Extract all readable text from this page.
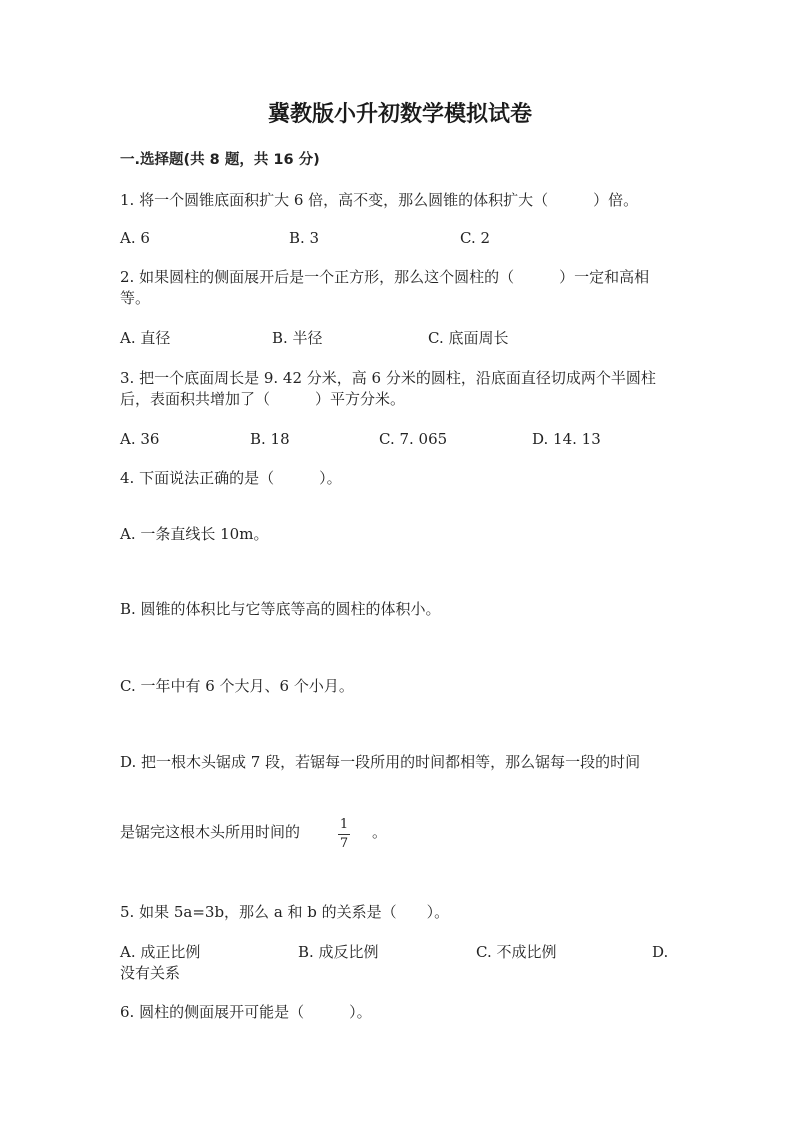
冀教版小升初数学模拟试卷
一.选择题(共 8 题，共 16 分)
1. 将一个圆锥底面积扩大 6 倍，高不变，那么圆锥的体积扩大（　　　）倍。
A. 6	B. 3	C. 2
2. 如果圆柱的侧面展开后是一个正方形，那么这个圆柱的（　　　）一定和高相
等。
A. 直径	B. 半径	C. 底面周长
3. 把一个底面周长是 9. 42 分米，高 6 分米的圆柱，沿底面直径切成两个半圆柱
后，表面积共增加了（　　　）平方分米。
A. 36	B. 18	C. 7. 065	D. 14. 13
4. 下面说法正确的是（　　　）。
A. 一条直线长 10m。
B. 圆锥的体积比与它等底等高的圆柱的体积小。
C. 一年中有 6 个大月、6 个小月。
D. 把一根木头锯成 7 段，若锯每一段所用的时间都相等，那么锯每一段的时间
是锯完这根木头所用时间的	1
7
。
5. 如果 5a=3b，那么 a 和 b 的关系是（　　）。
A. 成正比例	B. 成反比例	C. 不成比例	D.
没有关系
6. 圆柱的侧面展开可能是（　　　）。
